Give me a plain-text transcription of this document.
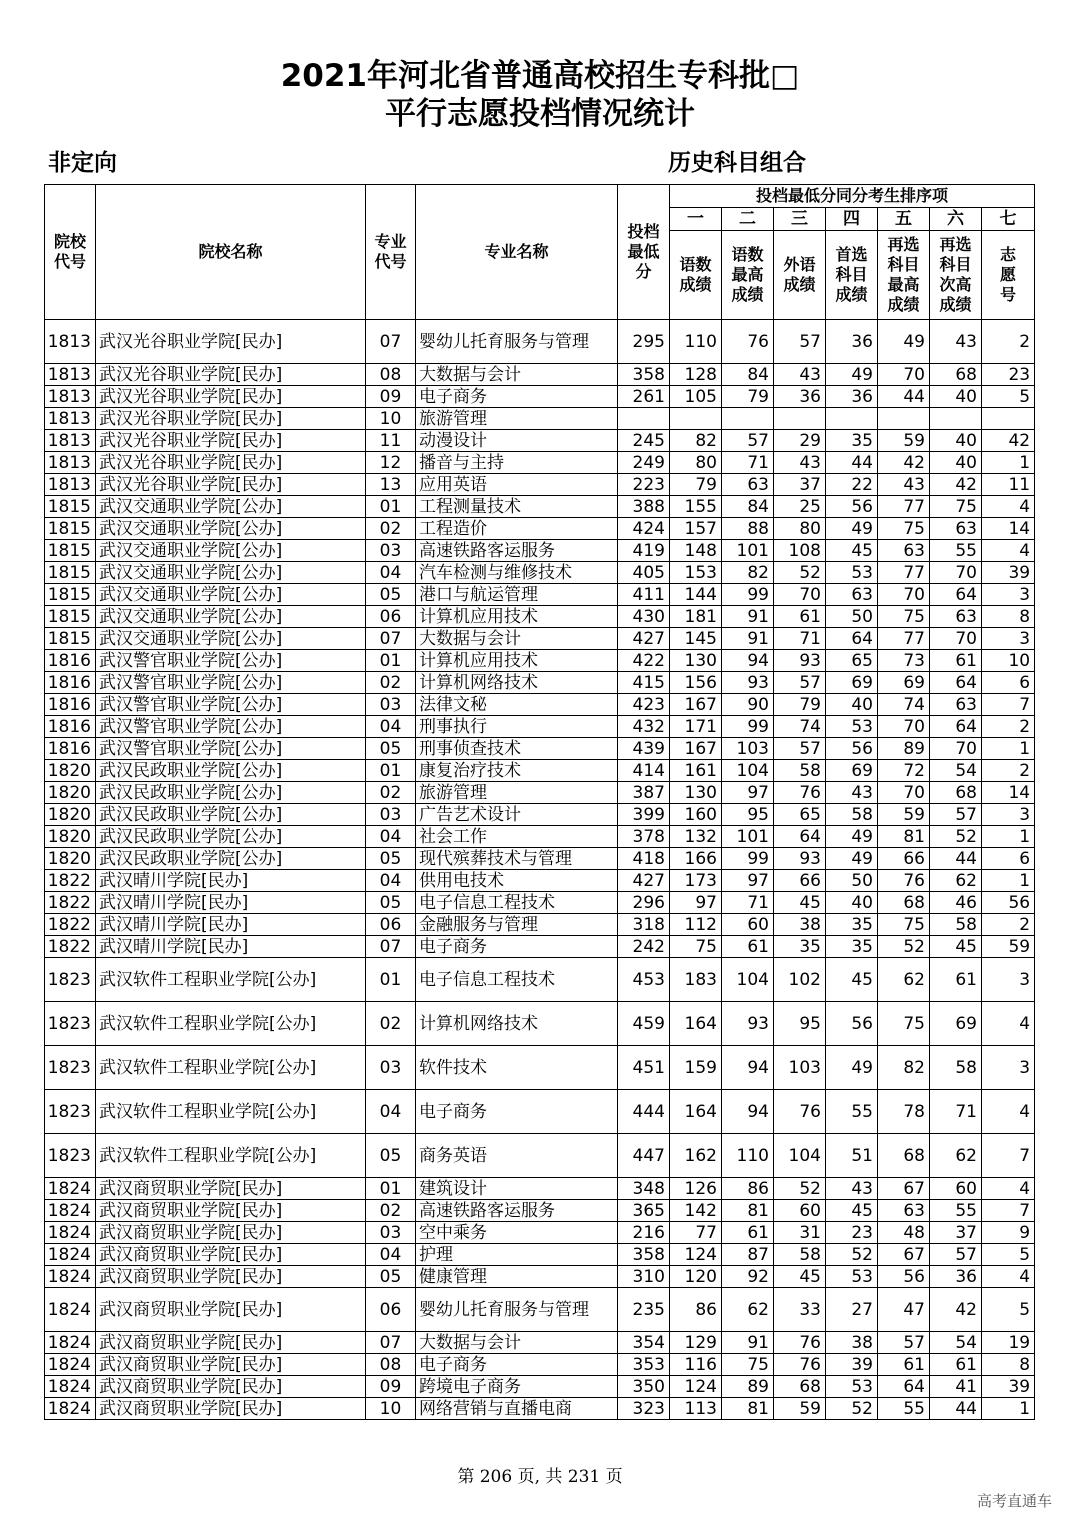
2021年河北省普通高校招生专科批□
平行志愿投档情况统计
非定向	历史科目组合
院校代号	院校名称	专业代号	专业名称	投档最低分	投档最低分同分考生排序项						
					一	二	三	四	五	六	七

					语数成绩	语数最高成绩	外语成绩	首选科目成绩	再选科目最高成绩	再选科目次高成绩	志愿号

1813	武汉光谷职业学院[民办]	07	婴幼儿托育服务与管理	295	110	76	57	36	49	43	2
1813	武汉光谷职业学院[民办]	08	大数据与会计	358	128	84	43	49	70	68	23
1813	武汉光谷职业学院[民办]	09	电子商务	261	105	79	36	36	44	40	5
1813	武汉光谷职业学院[民办]	10	旅游管理								
1813	武汉光谷职业学院[民办]	11	动漫设计	245	82	57	29	35	59	40	42
1813	武汉光谷职业学院[民办]	12	播音与主持	249	80	71	43	44	42	40	1
1813	武汉光谷职业学院[民办]	13	应用英语	223	79	63	37	22	43	42	11
1815	武汉交通职业学院[公办]	01	工程测量技术	388	155	84	25	56	77	75	4
1815	武汉交通职业学院[公办]	02	工程造价	424	157	88	80	49	75	63	14
1815	武汉交通职业学院[公办]	03	高速铁路客运服务	419	148	101	108	45	63	55	4
1815	武汉交通职业学院[公办]	04	汽车检测与维修技术	405	153	82	52	53	77	70	39
1815	武汉交通职业学院[公办]	05	港口与航运管理	411	144	99	70	63	70	64	3
1815	武汉交通职业学院[公办]	06	计算机应用技术	430	181	91	61	50	75	63	8
1815	武汉交通职业学院[公办]	07	大数据与会计	427	145	91	71	64	77	70	3
1816	武汉警官职业学院[公办]	01	计算机应用技术	422	130	94	93	65	73	61	10
1816	武汉警官职业学院[公办]	02	计算机网络技术	415	156	93	57	69	69	64	6
1816	武汉警官职业学院[公办]	03	法律文秘	423	167	90	79	40	74	63	7
1816	武汉警官职业学院[公办]	04	刑事执行	432	171	99	74	53	70	64	2
1816	武汉警官职业学院[公办]	05	刑事侦查技术	439	167	103	57	56	89	70	1
1820	武汉民政职业学院[公办]	01	康复治疗技术	414	161	104	58	69	72	54	2
1820	武汉民政职业学院[公办]	02	旅游管理	387	130	97	76	43	70	68	14
1820	武汉民政职业学院[公办]	03	广告艺术设计	399	160	95	65	58	59	57	3
1820	武汉民政职业学院[公办]	04	社会工作	378	132	101	64	49	81	52	1
1820	武汉民政职业学院[公办]	05	现代殡葬技术与管理	418	166	99	93	49	66	44	6
1822	武汉晴川学院[民办]	04	供用电技术	427	173	97	66	50	76	62	1
1822	武汉晴川学院[民办]	05	电子信息工程技术	296	97	71	45	40	68	46	56
1822	武汉晴川学院[民办]	06	金融服务与管理	318	112	60	38	35	75	58	2
1822	武汉晴川学院[民办]	07	电子商务	242	75	61	35	35	52	45	59
1823	武汉软件工程职业学院[公办]	01	电子信息工程技术	453	183	104	102	45	62	61	3
1823	武汉软件工程职业学院[公办]	02	计算机网络技术	459	164	93	95	56	75	69	4
1823	武汉软件工程职业学院[公办]	03	软件技术	451	159	94	103	49	82	58	3
1823	武汉软件工程职业学院[公办]	04	电子商务	444	164	94	76	55	78	71	4
1823	武汉软件工程职业学院[公办]	05	商务英语	447	162	110	104	51	68	62	7
1824	武汉商贸职业学院[民办]	01	建筑设计	348	126	86	52	43	67	60	4
1824	武汉商贸职业学院[民办]	02	高速铁路客运服务	365	142	81	60	45	63	55	7
1824	武汉商贸职业学院[民办]	03	空中乘务	216	77	61	31	23	48	37	9
1824	武汉商贸职业学院[民办]	04	护理	358	124	87	58	52	67	57	5
1824	武汉商贸职业学院[民办]	05	健康管理	310	120	92	45	53	56	36	4
1824	武汉商贸职业学院[民办]	06	婴幼儿托育服务与管理	235	86	62	33	27	47	42	5
1824	武汉商贸职业学院[民办]	07	大数据与会计	354	129	91	76	38	57	54	19
1824	武汉商贸职业学院[民办]	08	电子商务	353	116	75	76	39	61	61	8
1824	武汉商贸职业学院[民办]	09	跨境电子商务	350	124	89	68	53	64	41	39
1824	武汉商贸职业学院[民办]	10	网络营销与直播电商	323	113	81	59	52	55	44	1
第 206 页, 共 231 页
高考直通车
